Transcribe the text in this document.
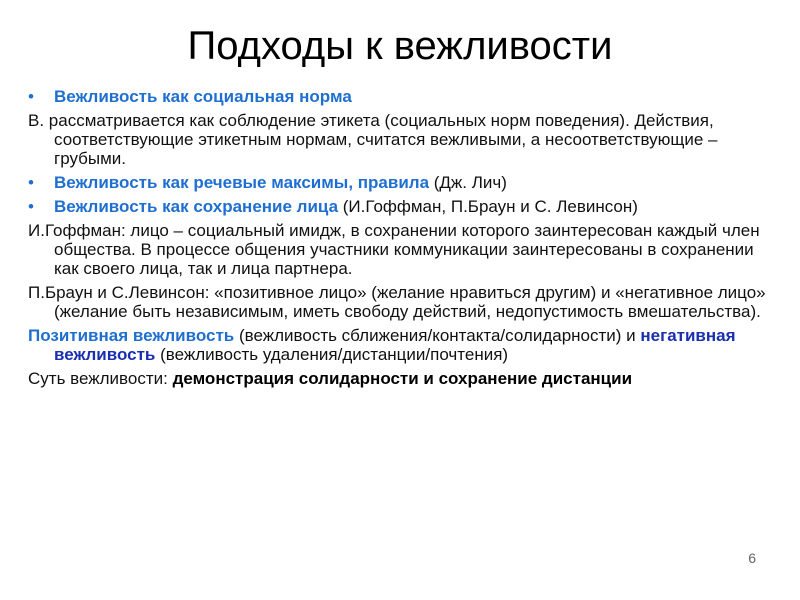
Подходы к вежливости

• Вежливость как социальная норма

В. рассматривается как соблюдение этикета (социальных норм поведения). Действия, соответствующие этикетным нормам, считатся вежливыми, а несоответствующие – грубыми.

• Вежливость как речевые максимы, правила (Дж. Лич)

• Вежливость как сохранение лица (И.Гоффман, П.Браун и С. Левинсон)

И.Гоффман: лицо – социальный имидж, в сохранении которого заинтересован каждый член общества. В процессе общения участники коммуникации заинтересованы в сохранении как своего лица, так и лица партнера.

П.Браун и С.Левинсон: «позитивное лицо» (желание нравиться другим) и «негативное лицо» (желание быть независимым, иметь свободу действий, недопустимость вмешательства).

Позитивная вежливость (вежливость сближения/контакта/солидарности) и негативная вежливость (вежливость удаления/дистанции/почтения)

Суть вежливости: демонстрация солидарности и сохранение дистанции

6
